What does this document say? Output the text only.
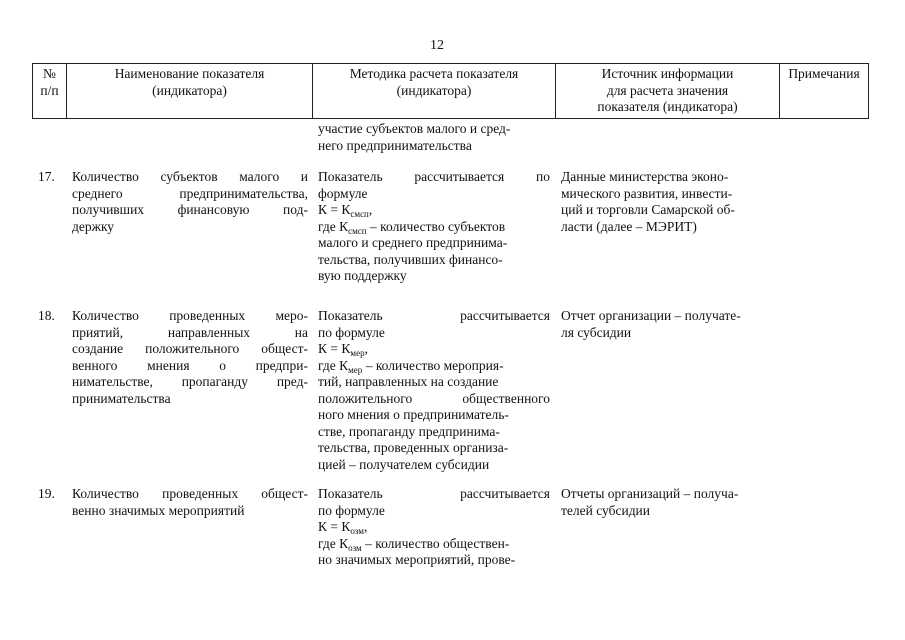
12
№
п/п
Наименование показателя
(индикатора)
Методика расчета показателя
(индикатора)
Источник информации
для расчета значения
показателя (индикатора)
Примечания
участие субъектов малого и сред-
него предпринимательства
17. Количество субъектов малого и
среднего предпринимательства,
получивших финансовую под-
держку
Показатель рассчитывается по
формуле
$К = К_{смсп}$,
где $К_{смсп}$ – количество субъектов
малого и среднего предпринима-
тельства, получивших финансо-
вую поддержку
Данные министерства эконо-
мического развития, инвести-
ций и торговли Самарской об-
ласти (далее – МЭРИТ)
18. Количество проведенных меро-
приятий, направленных на
создание положительного общест-
венного мнения о предпри-
нимательстве, пропаганду пред-
принимательства
Показатель рассчитывается
по формуле
$К = К_{мер}$,
где $К_{мер}$ – количество мероприя-
тий, направленных на создание
положительного общественного
ного мнения о предприниматель-
стве, пропаганду предпринима-
тельства, проведенных организа-
цией – получателем субсидии
Отчет организации – получате-
ля субсидии
19. Количество проведенных общест-
венно значимых мероприятий
Показатель рассчитывается
по формуле
$К = К_{озм}$,
где $К_{озм}$ – количество обществен-
но значимых мероприятий, прове-
Отчеты организаций – получа-
телей субсидии
